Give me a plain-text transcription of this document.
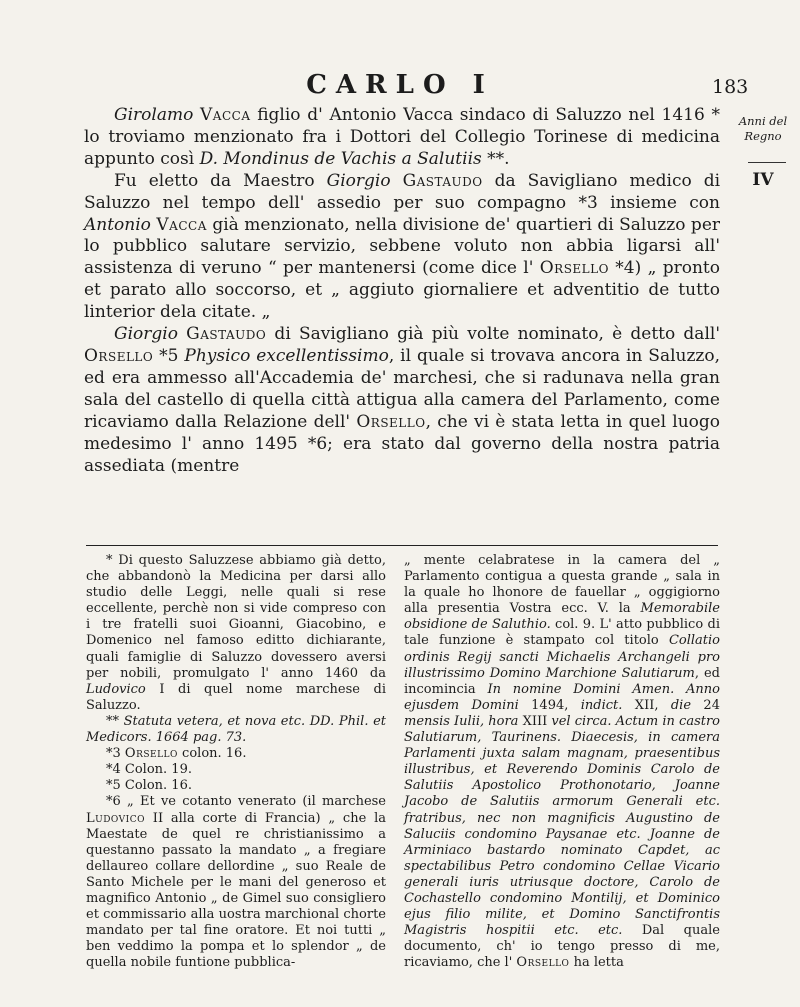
CARLO I	183
Anni del Regno
IV

Girolamo Vacca figlio d' Antonio Vacca sindaco di Saluzzo nel 1416 * lo troviamo menzionato fra i Dottori del Collegio Torinese di medicina appunto così D. Mondinus de Vachis a Salutiis **.

Fu eletto da Maestro Giorgio Gastaudo da Savigliano medico di Saluzzo nel tempo dell' assedio per suo compagno *3 insieme con Antonio Vacca già menzionato, nella divisione de' quartieri di Saluzzo per lo pubblico salutare servizio, sebbene voluto non abbia ligarsi all' assistenza di veruno “ per mantenersi (come dice l' Orsello *4) „ pronto et parato allo soccorso, et „ aggiuto giornaliere et adventitio de tutto linterior dela citate. „

Giorgio Gastaudo di Savigliano già più volte nominato, è detto dall' Orsello *5 Physico excellentissimo, il quale si trovava ancora in Saluzzo, ed era ammesso all'Accademia de' marchesi, che si radunava nella gran sala del castello di quella città attigua alla camera del Parlamento, come ricaviamo dalla Relazione dell' Orsello, che vi è stata letta in quel luogo medesimo l' anno 1495 *6; era stato dal governo della nostra patria assediata (mentre

* Di questo Saluzzese abbiamo già detto, che abbandonò la Medicina per darsi allo studio delle Leggi, nelle quali si rese eccellente, perchè non si vide compreso con i tre fratelli suoi Gioanni, Giacobino, e Domenico nel famoso editto dichiarante, quali famiglie di Saluzzo dovessero aversi per nobili, promulgato l' anno 1460 da Ludovico I di quel nome marchese di Saluzzo.

** Statuta vetera, et nova etc. DD. Phil. et Medicors. 1664 pag. 73.

*3 Orsello colon. 16.

*4 Colon. 19.

*5 Colon. 16.

*6 „ Et ve cotanto venerato (il marchese Ludovico II alla corte di Francia) „ che la Maestate de quel re christianissimo a questanno passato la mandato „ a fregiare dellaureo collare dellordine „ suo Reale de Santo Michele per le mani del generoso et magnifico Antonio „ de Gimel suo consigliero et commissario alla uostra marchional chorte mandato per tal fine oratore. Et noi tutti „ ben veddimo la pompa et lo splendor „ de quella nobile funtione pubblica-

„ mente celabratese in la camera del „ Parlamento contigua a questa grande „ sala in la quale ho lhonore de fauellar „ oggigiorno alla presentia Vostra ecc. V. la Memorabile obsidione de Saluthio. col. 9. L' atto pubblico di tale funzione è stampato col titolo Collatio ordinis Regij sancti Michaelis Archangeli pro illustrissimo Domino Marchione Salutiarum, ed incomincia In nomine Domini Amen. Anno ejusdem Domini 1494, indict. XII, die 24 mensis Iulii, hora XIII vel circa. Actum in castro Salutiarum, Taurinens. Diaecesis, in camera Parlamenti juxta salam magnam, praesentibus illustribus, et Reverendo Dominis Carolo de Salutiis Apostolico Prothonotario, Joanne Jacobo de Salutiis armorum Generali etc. fratribus, nec non magnificis Augustino de Saluciis condomino Paysanae etc. Joanne de Arminiaco bastardo nominato Capdet, ac spectabilibus Petro condomino Cellae Vicario generali iuris utriusque doctore, Carolo de Cochastello condomino Montilij, et Dominico ejus filio milite, et Domino Sanctifrontis Magistris hospitii etc. etc. Dal quale documento, ch' io tengo presso di me, ricaviamo, che l' Orsello ha letta
